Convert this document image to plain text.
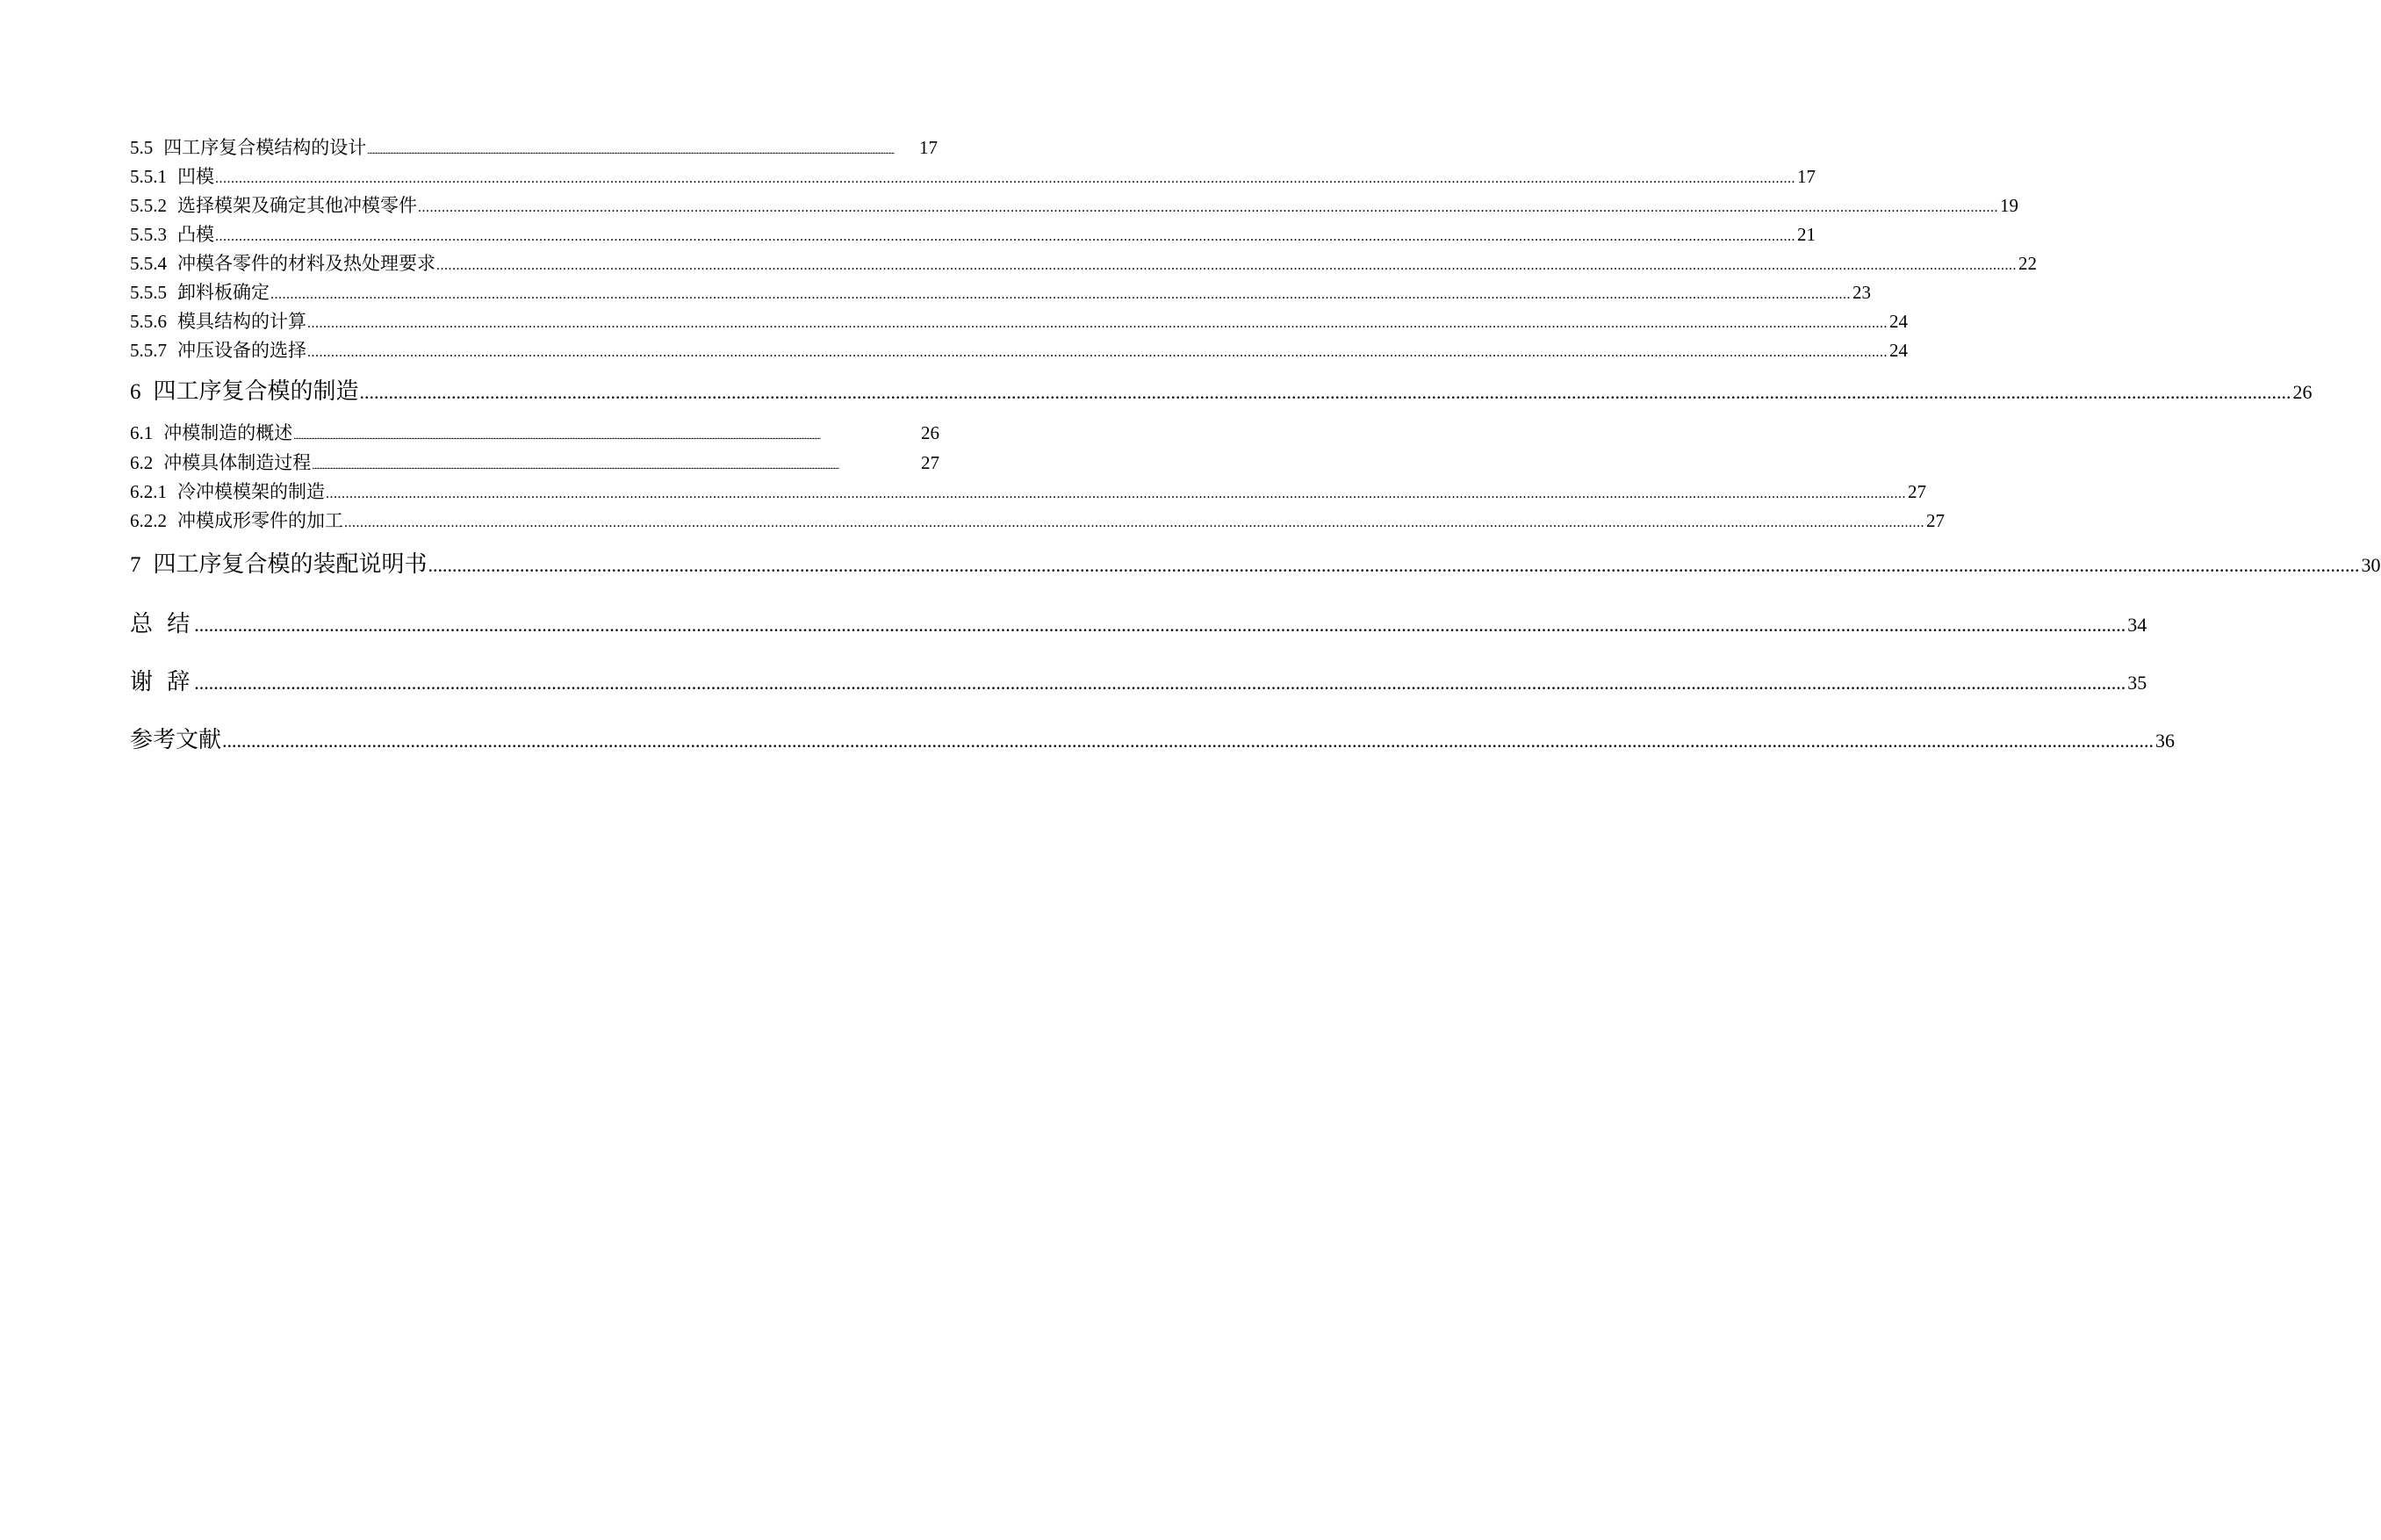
5.5 四工序复合模结构的设计 ................................................................................................................................................................................................................................................................................................................................................................................................................	17
5.5.1 凹模 ................................................................................................................................................................................................................................................................................................................................................................................................................ 17
5.5.2 选择模架及确定其他冲模零件 ................................................................................................................................................................................................................................................................................................................................................................................................................ 19
5.5.3 凸模 ................................................................................................................................................................................................................................................................................................................................................................................................................ 21
5.5.4 冲模各零件的材料及热处理要求 ................................................................................................................................................................................................................................................................................................................................................................................................................ 22
5.5.5 卸料板确定 ................................................................................................................................................................................................................................................................................................................................................................................................................ 23
5.5.6 模具结构的计算 ................................................................................................................................................................................................................................................................................................................................................................................................................ 24
5.5.7 冲压设备的选择 ................................................................................................................................................................................................................................................................................................................................................................................................................ 24
6 四工序复合模的制造 ................................................................................................................................................................................................................................................................................................................................................................................................................ 26
6.1 冲模制造的概述 ................................................................................................................................................................................................................................................................................................................................................................................................................	26
6.2 冲模具体制造过程 ................................................................................................................................................................................................................................................................................................................................................................................................................	27
6.2.1 冷冲模模架的制造 ................................................................................................................................................................................................................................................................................................................................................................................................................ 27
6.2.2 冲模成形零件的加工 ................................................................................................................................................................................................................................................................................................................................................................................................................ 27
7 四工序复合模的装配说明书 ................................................................................................................................................................................................................................................................................................................................................................................................................ 30
总 结 ................................................................................................................................................................................................................................................................................................................................................................................................................ 34
谢 辞 ................................................................................................................................................................................................................................................................................................................................................................................................................ 35
参考文献 ................................................................................................................................................................................................................................................................................................................................................................................................................ 36
